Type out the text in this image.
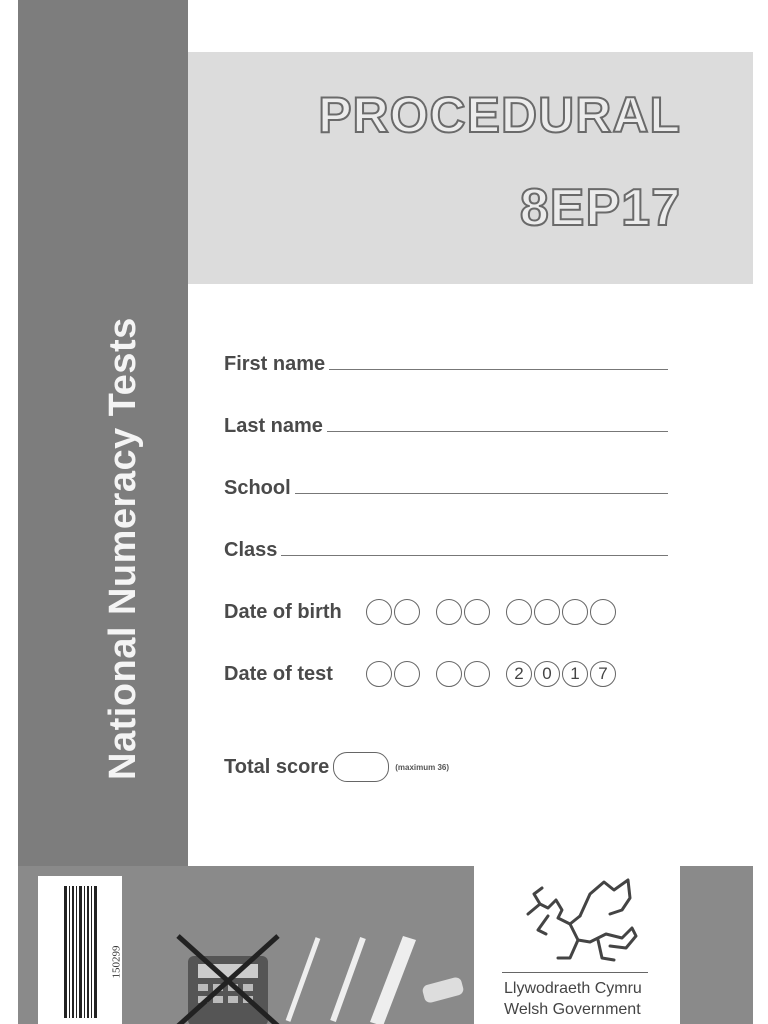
National Numeracy Tests
PROCEDURAL
8EP17
First name
Last name
School
Class
Date of birth
Date of test	2	0	1	7
Total score	(maximum 36)
150299
Llywodraeth Cymru
Welsh Government
